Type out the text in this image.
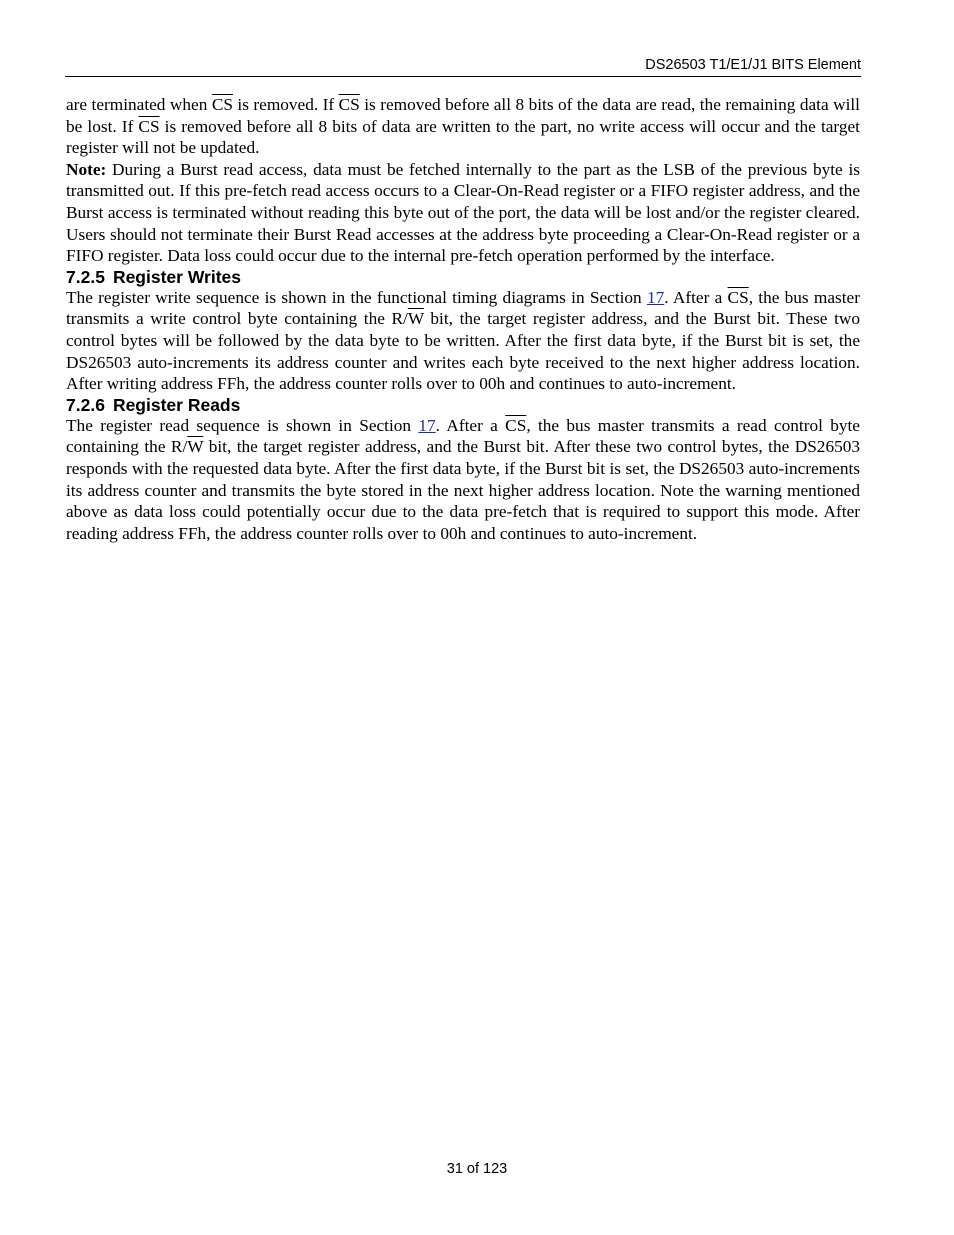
DS26503 T1/E1/J1 BITS Element

are terminated when $\overline{CS}$ is removed. If $\overline{CS}$ is removed before all 8 bits of the data are read, the remaining data will be lost. If $\overline{CS}$ is removed before all 8 bits of data are written to the part, no write access will occur and the target register will not be updated.

Note: During a Burst read access, data must be fetched internally to the part as the LSB of the previous byte is transmitted out. If this pre-fetch read access occurs to a Clear-On-Read register or a FIFO register address, and the Burst access is terminated without reading this byte out of the port, the data will be lost and/or the register cleared. Users should not terminate their Burst Read accesses at the address byte proceeding a Clear-On-Read register or a FIFO register. Data loss could occur due to the internal pre-fetch operation performed by the interface.

7.2.5 Register Writes

The register write sequence is shown in the functional timing diagrams in Section 17. After a $\overline{CS}$, the bus master transmits a write control byte containing the $R/\overline{W}$ bit, the target register address, and the Burst bit. These two control bytes will be followed by the data byte to be written. After the first data byte, if the Burst bit is set, the DS26503 auto-increments its address counter and writes each byte received to the next higher address location. After writing address FFh, the address counter rolls over to 00h and continues to auto-increment.

7.2.6 Register Reads

The register read sequence is shown in Section 17. After a $\overline{CS}$, the bus master transmits a read control byte containing the $R/\overline{W}$ bit, the target register address, and the Burst bit. After these two control bytes, the DS26503 responds with the requested data byte. After the first data byte, if the Burst bit is set, the DS26503 auto-increments its address counter and transmits the byte stored in the next higher address location. Note the warning mentioned above as data loss could potentially occur due to the data pre-fetch that is required to support this mode. After reading address FFh, the address counter rolls over to 00h and continues to auto-increment.

31 of 123
